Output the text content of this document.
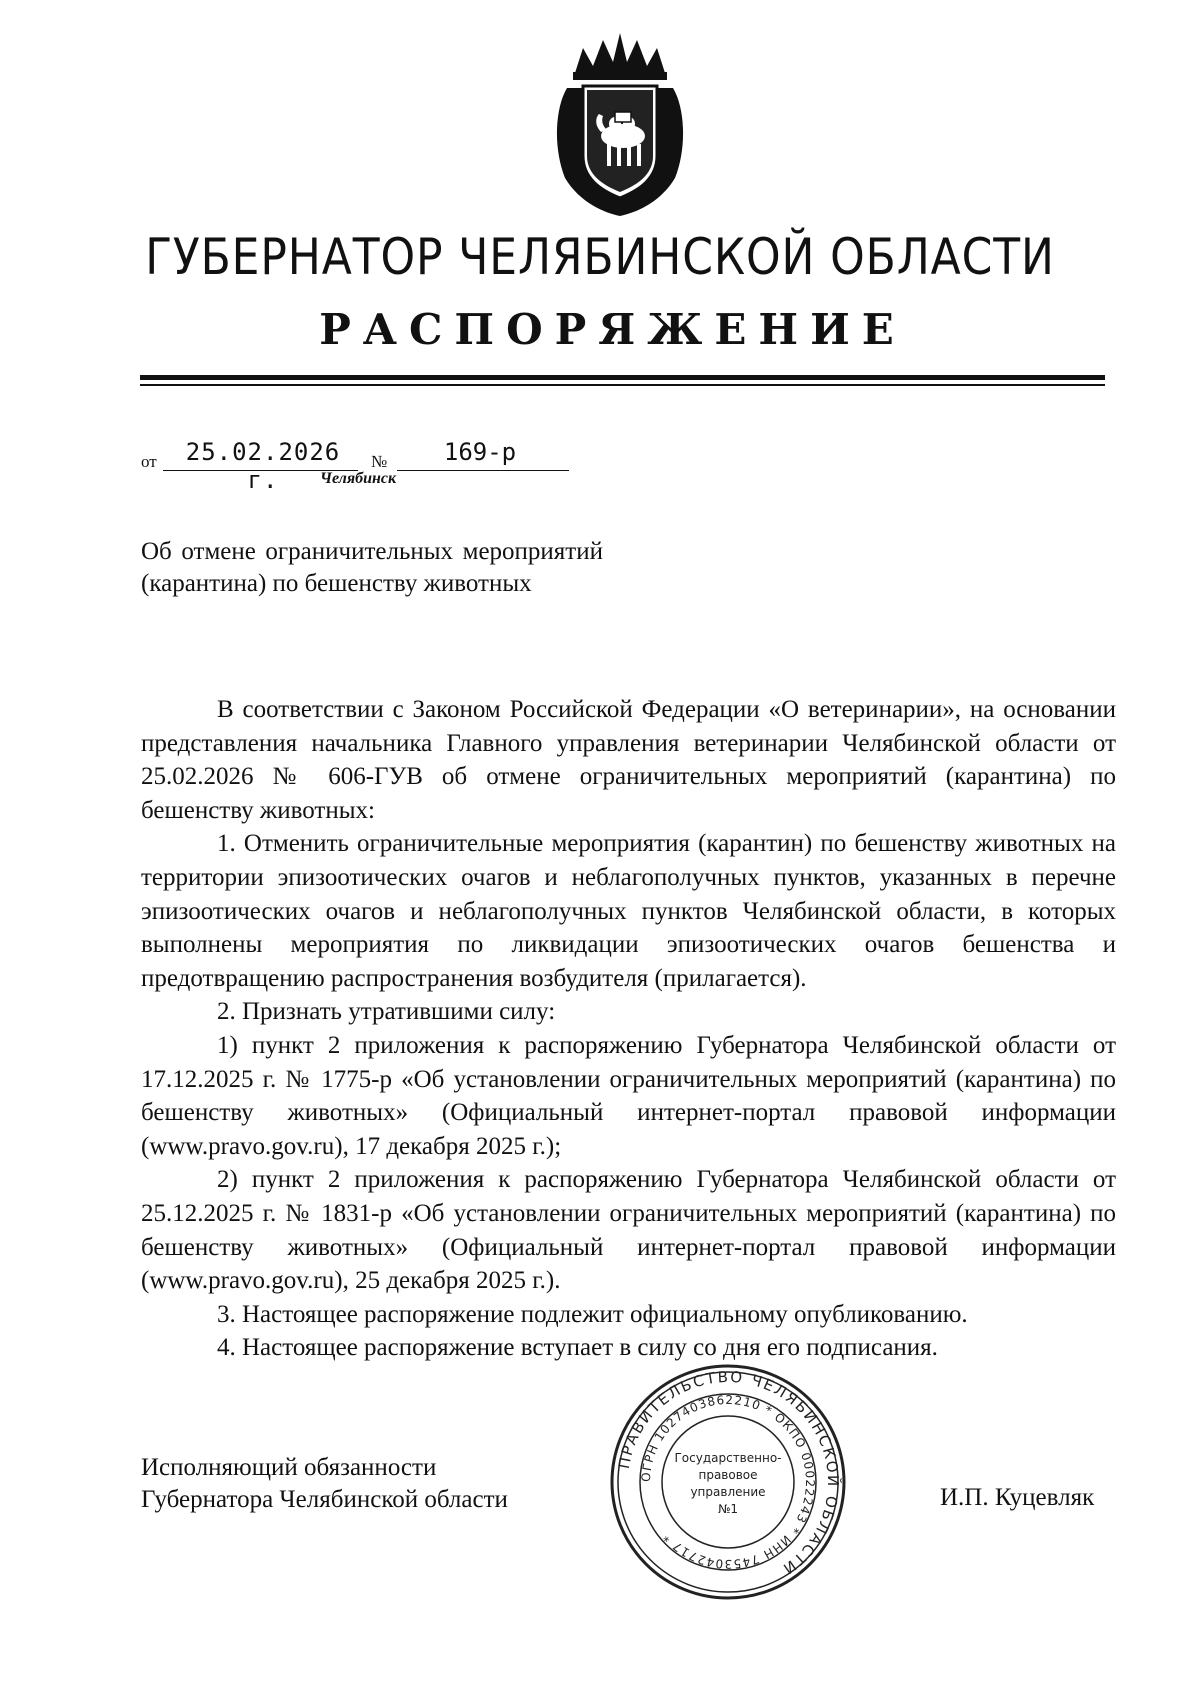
ГУБЕРНАТОР ЧЕЛЯБИНСКОЙ ОБЛАСТИ
РАСПОРЯЖЕНИЕ
от	25.02.2026 г.
№	169-р
Челябинск
Об отмене ограничительных мероприятий (карантина) по бешенству животных

В соответствии с Законом Российской Федерации «О ветеринарии», на основании представления начальника Главного управления ветеринарии Челябинской области от 25.02.2026 № 606-ГУВ об отмене ограничительных мероприятий (карантина) по бешенству животных:

1. Отменить ограничительные мероприятия (карантин) по бешенству животных на территории эпизоотических очагов и неблагополучных пунктов, указанных в перечне эпизоотических очагов и неблагополучных пунктов Челябинской области, в которых выполнены мероприятия по ликвидации эпизоотических очагов бешенства и предотвращению распространения возбудителя (прилагается).

2. Признать утратившими силу:

1) пункт 2 приложения к распоряжению Губернатора Челябинской области от 17.12.2025 г. № 1775-р «Об установлении ограничительных мероприятий (карантина) по бешенству животных» (Официальный интернет-портал правовой информации (www.pravo.gov.ru), 17 декабря 2025 г.);

2) пункт 2 приложения к распоряжению Губернатора Челябинской области от 25.12.2025 г. № 1831-р «Об установлении ограничительных мероприятий (карантина) по бешенству животных» (Официальный интернет-портал правовой информации (www.pravo.gov.ru), 25 декабря 2025 г.).

3. Настоящее распоряжение подлежит официальному опубликованию.

4. Настоящее распоряжение вступает в силу со дня его подписания.

Исполняющий обязанности
Губернатора Челябинской области	И.П. Куцевляк
ПРАВИТЕЛЬСТВО ЧЕЛЯБИНСКОЙ ОБЛАСТИ
ОГРН 1027403862210 * ОКПО 00022243 * ИНН 7453042717 *
Государственно-
правовое
управление
№1
